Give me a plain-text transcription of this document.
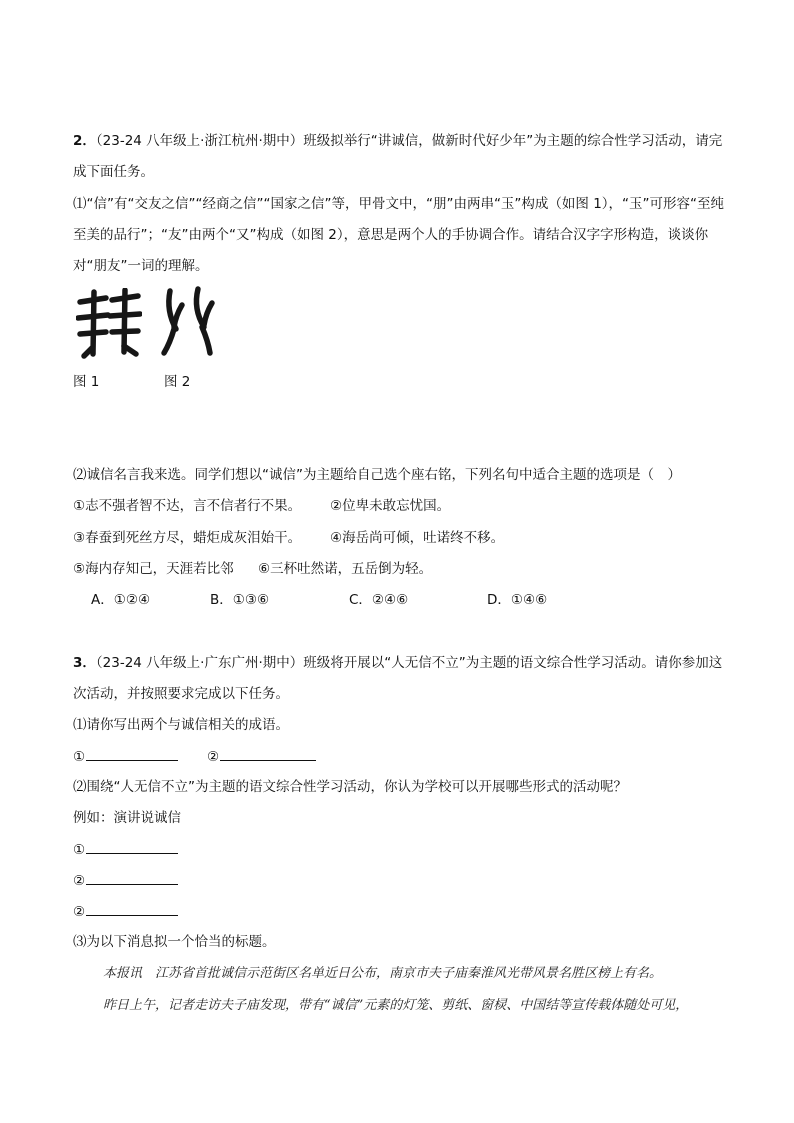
2．（23-24 八年级上·浙江杭州·期中）班级拟举行“讲诚信，做新时代好少年”为主题的综合性学习活动，请完
成下面任务。
⑴“信”有“交友之信”“经商之信”“国家之信”等，甲骨文中，“朋”由两串“玉”构成（如图 1），“玉”可形容“至纯
至美的品行”；“友”由两个“又”构成（如图 2），意思是两个人的手协调合作。请结合汉字字形构造，谈谈你
对“朋友”一词的理解。
图 1	图 2
⑵诚信名言我来选。同学们想以“诚信”为主题给自己选个座右铭，下列名句中适合主题的选项是（　）
①志不强者智不达，言不信者行不果。 ②位卑未敢忘忧国。
③春蚕到死丝方尽，蜡炬成灰泪始干。 ④海岳尚可倾，吐诺终不移。
⑤海内存知己，天涯若比邻 ⑥三杯吐然诺，五岳倒为轻。
A．①②④	B．①③⑥	C．②④⑥	D．①④⑥
3．（23-24 八年级上·广东广州·期中）班级将开展以“人无信不立”为主题的语文综合性学习活动。请你参加这
次活动，并按照要求完成以下任务。
⑴请你写出两个与诚信相关的成语。
①	②
⑵围绕“人无信不立”为主题的语文综合性学习活动，你认为学校可以开展哪些形式的活动呢？
例如：演讲说诚信
①
②
②
⑶为以下消息拟一个恰当的标题。
本报讯　江苏省首批诚信示范街区名单近日公布，南京市夫子庙秦淮风光带风景名胜区榜上有名。
昨日上午，记者走访夫子庙发现，带有“诚信”元素的灯笼、剪纸、窗棂、中国结等宣传载体随处可见，
